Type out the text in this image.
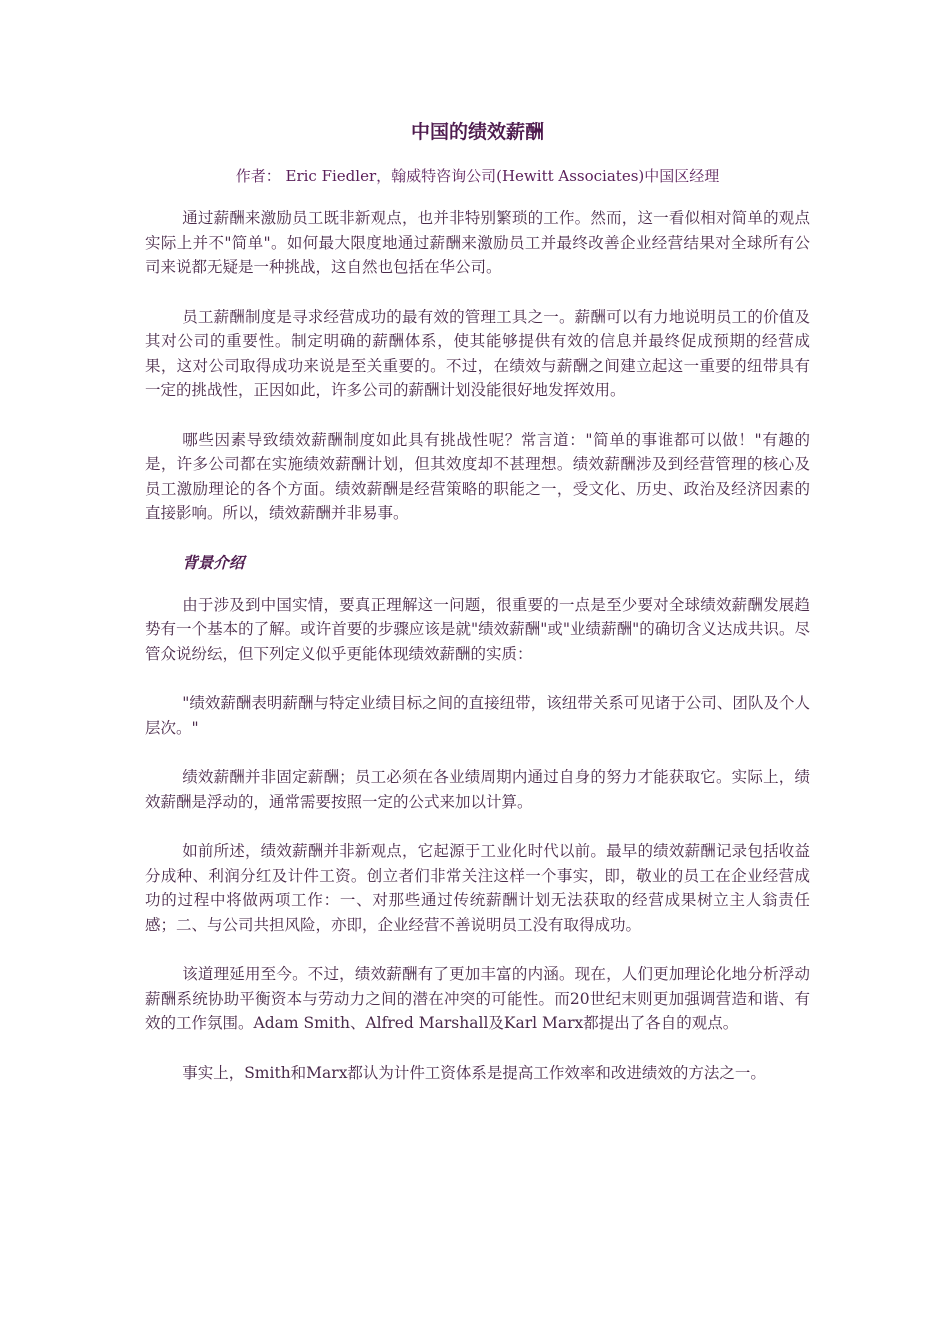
中国的绩效薪酬
作者： Eric Fiedler，翰威特咨询公司(Hewitt Associates)中国区经理

通过薪酬来激励员工既非新观点，也并非特别繁琐的工作。然而，这一看似相对简单的观点实际上并不"简单"。如何最大限度地通过薪酬来激励员工并最终改善企业经营结果对全球所有公司来说都无疑是一种挑战，这自然也包括在华公司。

员工薪酬制度是寻求经营成功的最有效的管理工具之一。薪酬可以有力地说明员工的价值及其对公司的重要性。制定明确的薪酬体系，使其能够提供有效的信息并最终促成预期的经营成果，这对公司取得成功来说是至关重要的。不过，在绩效与薪酬之间建立起这一重要的纽带具有一定的挑战性，正因如此，许多公司的薪酬计划没能很好地发挥效用。

哪些因素导致绩效薪酬制度如此具有挑战性呢？常言道："简单的事谁都可以做！"有趣的是，许多公司都在实施绩效薪酬计划，但其效度却不甚理想。绩效薪酬涉及到经营管理的核心及员工激励理论的各个方面。绩效薪酬是经营策略的职能之一，受文化、历史、政治及经济因素的直接影响。所以，绩效薪酬并非易事。

背景介绍

由于涉及到中国实情，要真正理解这一问题，很重要的一点是至少要对全球绩效薪酬发展趋势有一个基本的了解。或许首要的步骤应该是就"绩效薪酬"或"业绩薪酬"的确切含义达成共识。尽管众说纷纭，但下列定义似乎更能体现绩效薪酬的实质：

"绩效薪酬表明薪酬与特定业绩目标之间的直接纽带，该纽带关系可见诸于公司、团队及个人层次。"

绩效薪酬并非固定薪酬；员工必须在各业绩周期内通过自身的努力才能获取它。实际上，绩效薪酬是浮动的，通常需要按照一定的公式来加以计算。

如前所述，绩效薪酬并非新观点，它起源于工业化时代以前。最早的绩效薪酬记录包括收益分成种、利润分红及计件工资。创立者们非常关注这样一个事实，即，敬业的员工在企业经营成功的过程中将做两项工作：一、对那些通过传统薪酬计划无法获取的经营成果树立主人翁责任感；二、与公司共担风险，亦即，企业经营不善说明员工没有取得成功。

该道理延用至今。不过，绩效薪酬有了更加丰富的内涵。现在，人们更加理论化地分析浮动薪酬系统协助平衡资本与劳动力之间的潜在冲突的可能性。而20世纪末则更加强调营造和谐、有效的工作氛围。Adam Smith、Alfred Marshall及Karl Marx都提出了各自的观点。

事实上，Smith和Marx都认为计件工资体系是提高工作效率和改进绩效的方法之一。
